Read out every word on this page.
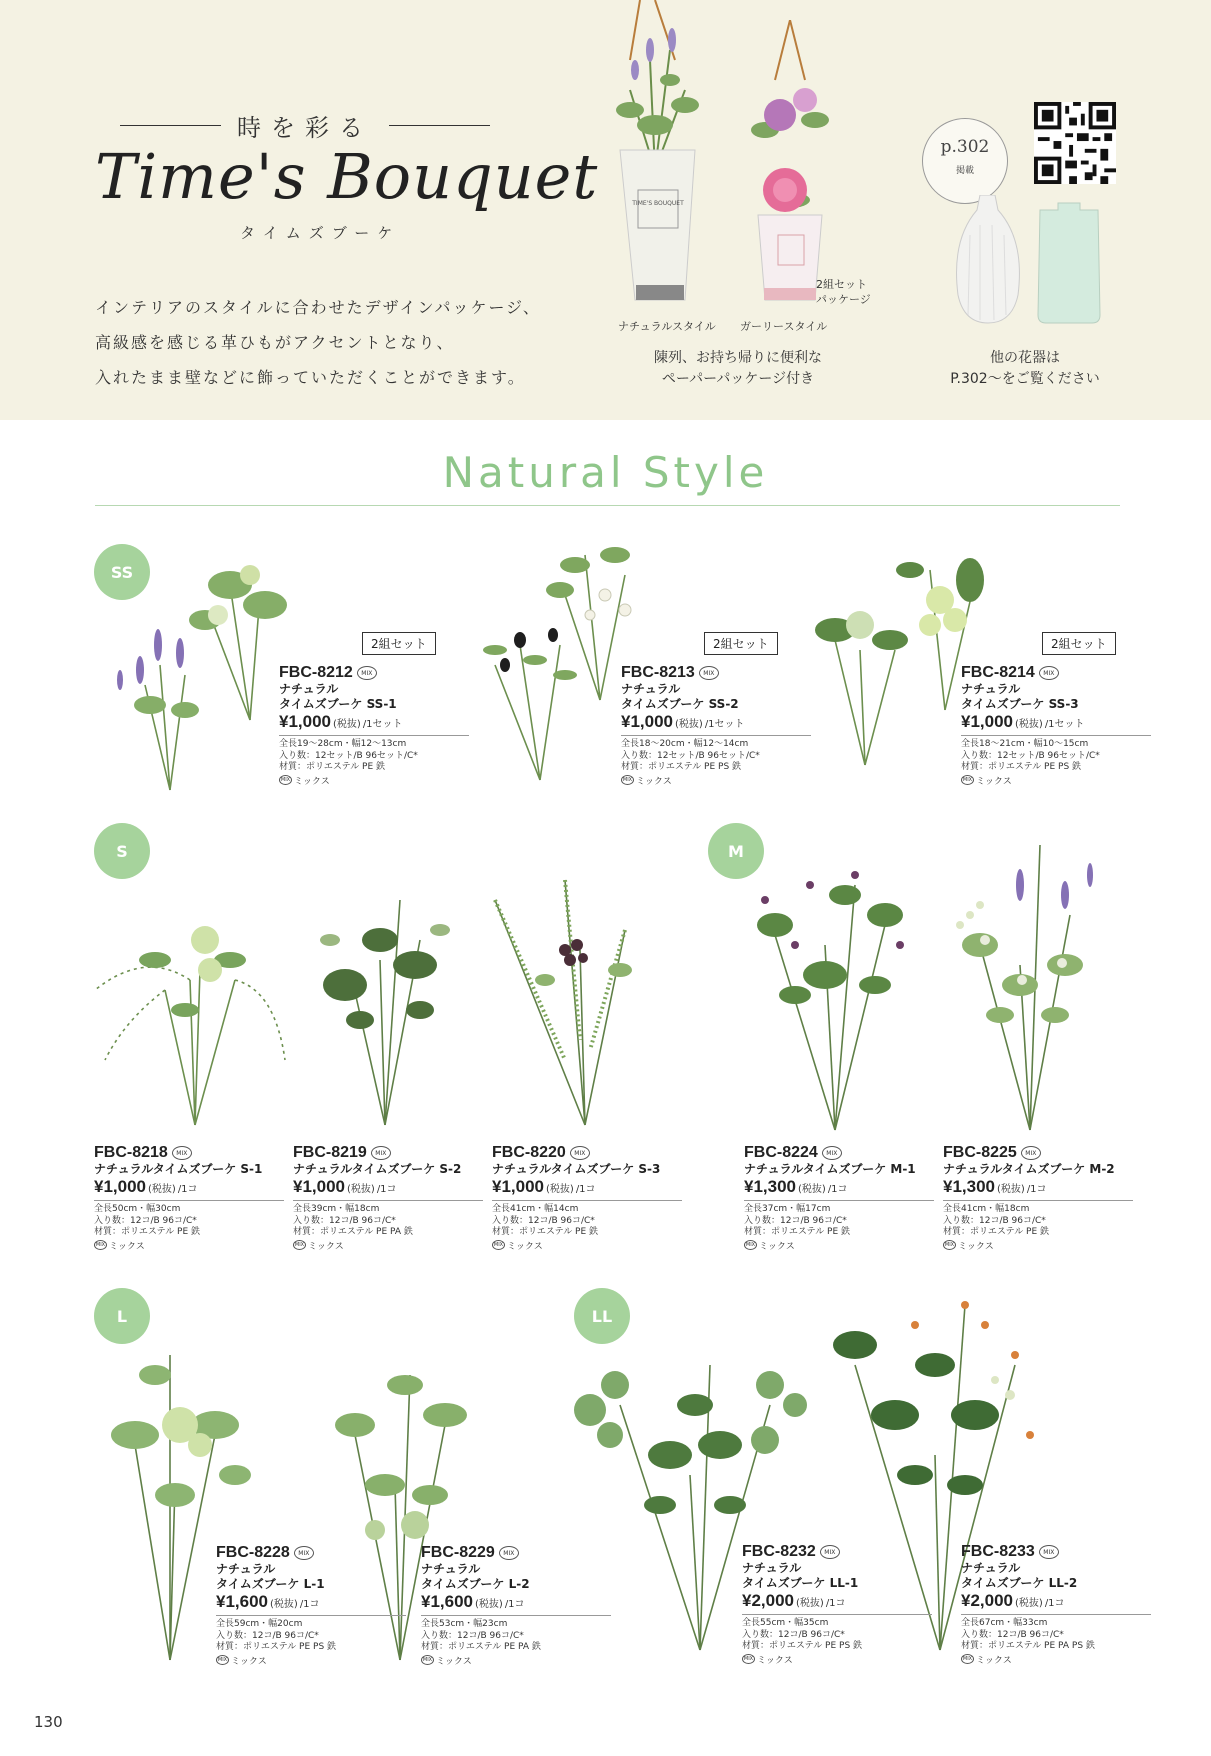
時を彩る
Time's Bouquet
タイムズブーケ

インテリアのスタイルに合わせたデザインパッケージ、

高級感を感じる革ひもがアクセントとなり、

入れたまま壁などに飾っていただくことができます。

TIME'S BOUQUET
ナチュラルスタイル ガーリースタイル
2組セット
パッケージ
陳列、お持ち帰りに便利な
ペーパーパッケージ付き
p.302
掲載
他の花器は
P.302〜をご覧ください
Natural Style
SS
S	M
L	LL
2組セット	2組セット	2組セット
FBC-8212	MIX
ナチュラル
タイムズブーケ SS-1
¥1,000 (税抜) /1セット
全長19〜28cm・幅12〜13cm
入り数：12セット/B 96セット/C*
材質：ポリエステル PE 鉄
MIX ミックス
FBC-8213	MIX
ナチュラル
タイムズブーケ SS-2
¥1,000 (税抜) /1セット
全長18〜20cm・幅12〜14cm
入り数：12セット/B 96セット/C*
材質：ポリエステル PE PS 鉄
MIX ミックス
FBC-8214	MIX
ナチュラル
タイムズブーケ SS-3
¥1,000 (税抜) /1セット
全長18〜21cm・幅10〜15cm
入り数：12セット/B 96セット/C*
材質：ポリエステル PE PS 鉄
MIX ミックス
FBC-8218	MIX
ナチュラルタイムズブーケ S-1
¥1,000 (税抜) /1コ
全長50cm・幅30cm
入り数：12コ/B 96コ/C*
材質：ポリエステル PE 鉄
MIX ミックス
FBC-8219	MIX
ナチュラルタイムズブーケ S-2
¥1,000 (税抜) /1コ
全長39cm・幅18cm
入り数：12コ/B 96コ/C*
材質：ポリエステル PE PA 鉄
MIX ミックス
FBC-8220	MIX
ナチュラルタイムズブーケ S-3
¥1,000 (税抜) /1コ
全長41cm・幅14cm
入り数：12コ/B 96コ/C*
材質：ポリエステル PE 鉄
MIX ミックス
FBC-8224	MIX
ナチュラルタイムズブーケ M-1
¥1,300 (税抜) /1コ
全長37cm・幅17cm
入り数：12コ/B 96コ/C*
材質：ポリエステル PE 鉄
MIX ミックス
FBC-8225	MIX
ナチュラルタイムズブーケ M-2
¥1,300 (税抜) /1コ
全長41cm・幅18cm
入り数：12コ/B 96コ/C*
材質：ポリエステル PE 鉄
MIX ミックス
FBC-8228	MIX
ナチュラル
タイムズブーケ L-1
¥1,600 (税抜) /1コ
全長59cm・幅20cm
入り数：12コ/B 96コ/C*
材質：ポリエステル PE PS 鉄
MIX ミックス
FBC-8229	MIX
ナチュラル
タイムズブーケ L-2
¥1,600 (税抜) /1コ
全長53cm・幅23cm
入り数：12コ/B 96コ/C*
材質：ポリエステル PE PA 鉄
MIX ミックス
FBC-8232	MIX
ナチュラル
タイムズブーケ LL-1
¥2,000 (税抜) /1コ
全長55cm・幅35cm
入り数：12コ/B 96コ/C*
材質：ポリエステル PE PS 鉄
MIX ミックス
FBC-8233	MIX
ナチュラル
タイムズブーケ LL-2
¥2,000 (税抜) /1コ
全長67cm・幅33cm
入り数：12コ/B 96コ/C*
材質：ポリエステル PE PA PS 鉄
MIX ミックス
130
